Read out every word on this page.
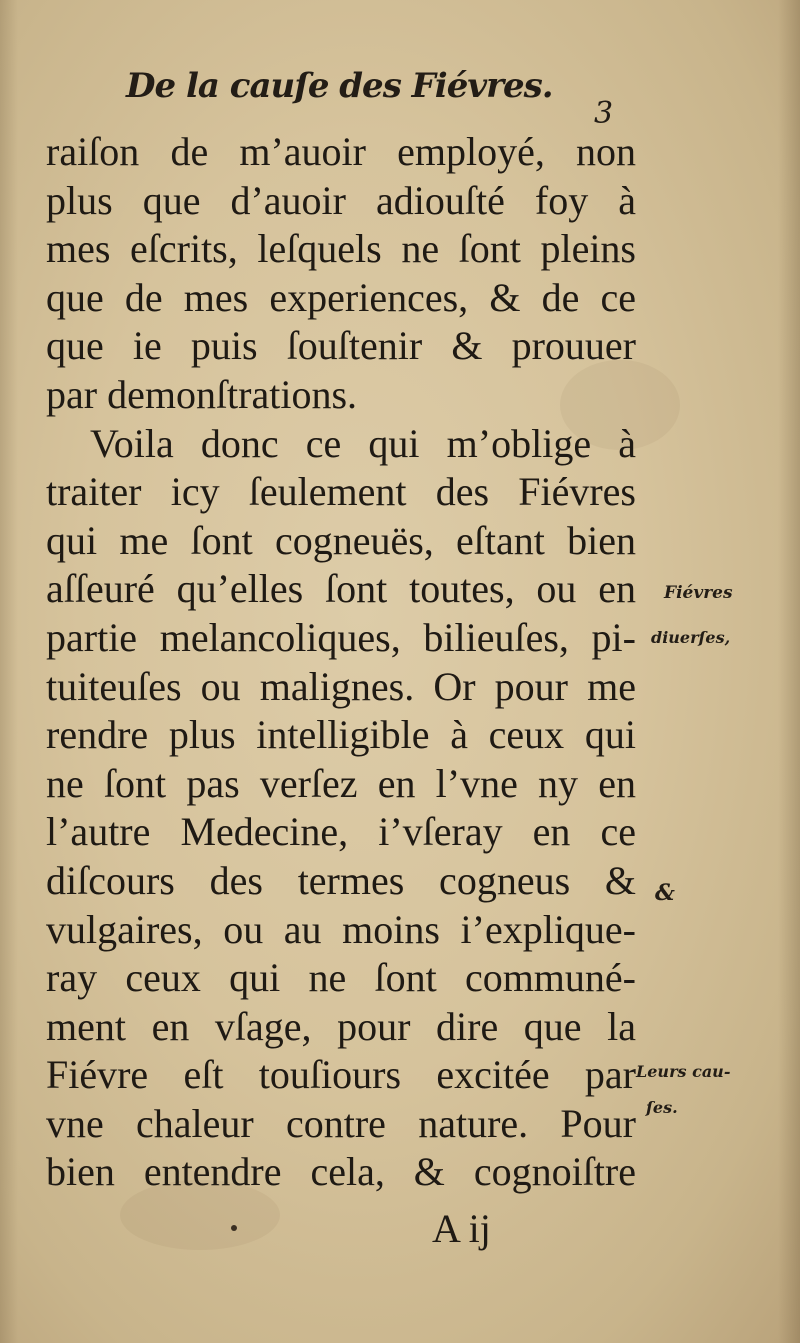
De la cauſe des Fiévres.
3
raiſon de m’auoir employé, non
plus que d’auoir adiouſté foy à
mes eſcrits, leſquels ne ſont pleins
que de mes experiences, & de ce
que ie puis ſouſtenir & prouuer
par demonſtrations.
Voila donc ce qui m’oblige à
traiter icy ſeulement des Fiévres
qui me ſont cogneuës, eſtant bien
aſſeuré qu’elles ſont toutes, ou en
partie melancoliques, bilieuſes, pi-
tuiteuſes ou malignes. Or pour me
rendre plus intelligible à ceux qui
ne ſont pas verſez en l’vne ny en
l’autre Medecine, i’vſeray en ce
diſcours des termes cogneus &
vulgaires, ou au moins i’explique-
ray ceux qui ne ſont communé-
ment en vſage, pour dire que la
Fiévre eſt touſiours excitée par
vne chaleur contre nature. Pour
bien entendre cela, & cognoiſtre
Fiévres
diuerſes,
&
Leurs cau-
ſes.
A ij
